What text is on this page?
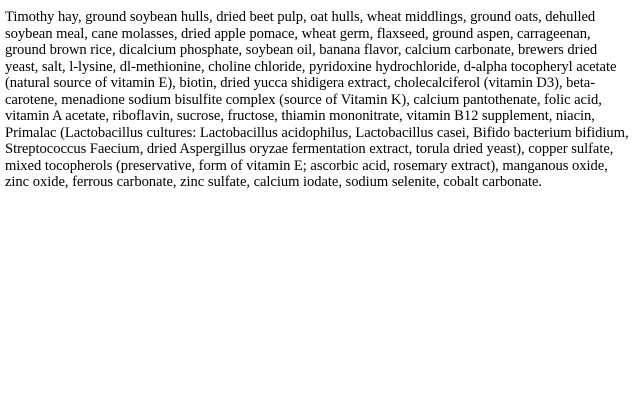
Timothy hay, ground soybean hulls, dried beet pulp, oat hulls, wheat middlings, ground oats, dehulled soybean meal, cane molasses, dried apple pomace, wheat germ, flaxseed, ground aspen, carrageenan, ground brown rice, dicalcium phosphate, soybean oil, banana flavor, calcium carbonate, brewers dried yeast, salt, l-lysine, dl-methionine, choline chloride, pyridoxine hydrochloride, d-alpha tocopheryl acetate (natural source of vitamin E), biotin, dried yucca shidigera extract, cholecalciferol (vitamin D3), beta-carotene, menadione sodium bisulfite complex (source of Vitamin K), calcium pantothenate, folic acid, vitamin A acetate, riboflavin, sucrose, fructose, thiamin mononitrate, vitamin B12 supplement, niacin, Primalac (Lactobacillus cultures: Lactobacillus acidophilus, Lactobacillus casei, Bifido bacterium bifidium, Streptococcus Faecium, dried Aspergillus oryzae fermentation extract, torula dried yeast), copper sulfate, mixed tocopherols (preservative, form of vitamin E; ascorbic acid, rosemary extract), manganous oxide, zinc oxide, ferrous carbonate, zinc sulfate, calcium iodate, sodium selenite, cobalt carbonate.
